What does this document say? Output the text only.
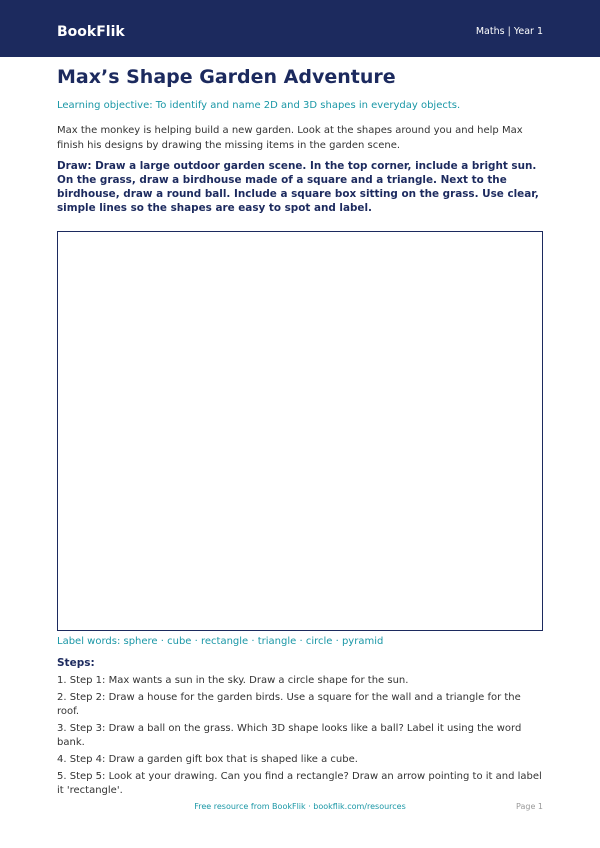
BookFlik	Maths | Year 1
Max’s Shape Garden Adventure
Learning objective: To identify and name 2D and 3D shapes in everyday objects.
Max the monkey is helping build a new garden. Look at the shapes around you and help Max finish his designs by drawing the missing items in the garden scene.
Draw: Draw a large outdoor garden scene. In the top corner, include a bright sun. On the grass, draw a birdhouse made of a square and a triangle. Next to the birdhouse, draw a round ball. Include a square box sitting on the grass. Use clear, simple lines so the shapes are easy to spot and label.
Label words: sphere · cube · rectangle · triangle · circle · pyramid
Steps:
1. Step 1: Max wants a sun in the sky. Draw a circle shape for the sun.
2. Step 2: Draw a house for the garden birds. Use a square for the wall and a triangle for the roof.
3. Step 3: Draw a ball on the grass. Which 3D shape looks like a ball? Label it using the word bank.
4. Step 4: Draw a garden gift box that is shaped like a cube.
5. Step 5: Look at your drawing. Can you find a rectangle? Draw an arrow pointing to it and label it 'rectangle'.
Free resource from BookFlik · bookflik.com/resources	Page 1
